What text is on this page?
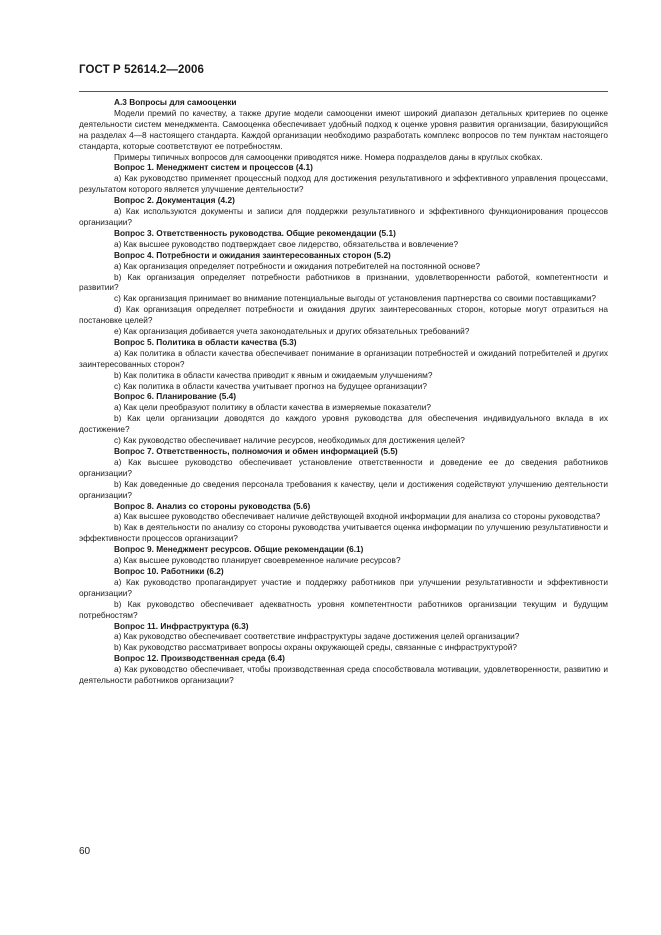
ГОСТ Р 52614.2—2006

А.3 Вопросы для самооценки

Модели премий по качеству, а также другие модели самооценки имеют широкий диапазон детальных критериев по оценке деятельности систем менеджмента. Самооценка обеспечивает удобный подход к оценке уровня развития организации, базирующийся на разделах 4—8 настоящего стандарта. Каждой организации необходимо разработать комплекс вопросов по тем пунктам настоящего стандарта, которые соответствуют ее потребностям.

Примеры типичных вопросов для самооценки приводятся ниже. Номера подразделов даны в круглых скобках.

Вопрос 1. Менеджмент систем и процессов (4.1)

а) Как руководство применяет процессный подход для достижения результативного и эффективного управления процессами, результатом которого является улучшение деятельности?

Вопрос 2. Документация (4.2)

а) Как используются документы и записи для поддержки результативного и эффективного функционирования процессов организации?

Вопрос 3. Ответственность руководства. Общие рекомендации (5.1)

а) Как высшее руководство подтверждает свое лидерство, обязательства и вовлечение?

Вопрос 4. Потребности и ожидания заинтересованных сторон (5.2)

а) Как организация определяет потребности и ожидания потребителей на постоянной основе?

b) Как организация определяет потребности работников в признании, удовлетворенности работой, компетентности и развитии?

с) Как организация принимает во внимание потенциальные выгоды от установления партнерства со своими поставщиками?

d) Как организация определяет потребности и ожидания других заинтересованных сторон, которые могут отразиться на постановке целей?

е) Как организация добивается учета законодательных и других обязательных требований?

Вопрос 5. Политика в области качества (5.3)

а) Как политика в области качества обеспечивает понимание в организации потребностей и ожиданий потребителей и других заинтересованных сторон?

b) Как политика в области качества приводит к явным и ожидаемым улучшениям?

с) Как политика в области качества учитывает прогноз на будущее организации?

Вопрос 6. Планирование (5.4)

а) Как цели преобразуют политику в области качества в измеряемые показатели?

b) Как цели организации доводятся до каждого уровня руководства для обеспечения индивидуального вклада в их достижение?

с) Как руководство обеспечивает наличие ресурсов, необходимых для достижения целей?

Вопрос 7. Ответственность, полномочия и обмен информацией (5.5)

а) Как высшее руководство обеспечивает установление ответственности и доведение ее до сведения работников организации?

b) Как доведенные до сведения персонала требования к качеству, цели и достижения содействуют улучшению деятельности организации?

Вопрос 8. Анализ со стороны руководства (5.6)

а) Как высшее руководство обеспечивает наличие действующей входной информации для анализа со стороны руководства?

b) Как в деятельности по анализу со стороны руководства учитывается оценка информации по улучшению результативности и эффективности процессов организации?

Вопрос 9. Менеджмент ресурсов. Общие рекомендации (6.1)

а) Как высшее руководство планирует своевременное наличие ресурсов?

Вопрос 10. Работники (6.2)

а) Как руководство пропагандирует участие и поддержку работников при улучшении результативности и эффективности организации?

b) Как руководство обеспечивает адекватность уровня компетентности работников организации текущим и будущим потребностям?

Вопрос 11. Инфраструктура (6.3)

а) Как руководство обеспечивает соответствие инфраструктуры задаче достижения целей организации?

b) Как руководство рассматривает вопросы охраны окружающей среды, связанные с инфраструктурой?

Вопрос 12. Производственная среда (6.4)

а) Как руководство обеспечивает, чтобы производственная среда способствовала мотивации, удовлетворенности, развитию и деятельности работников организации?

60
